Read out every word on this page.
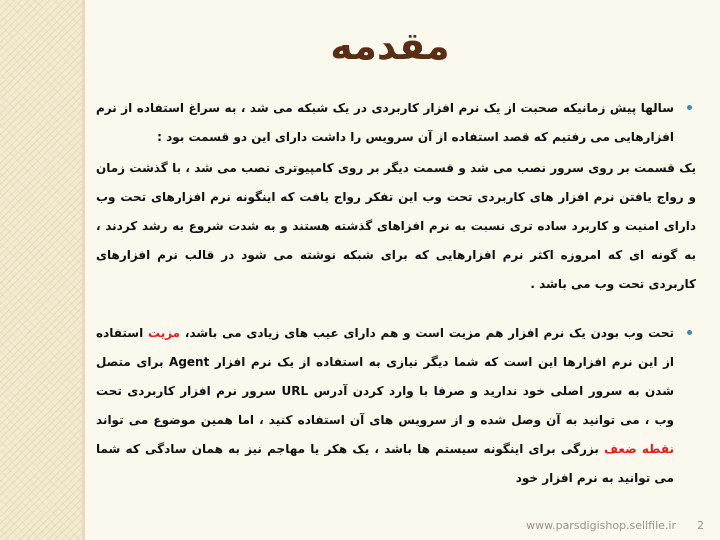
مقدمه

سالها پیش زمانیکه صحبت از یک نرم افزار کاربردی در یک شبکه می شد ، به سراغ استفاده از نرم افزارهایی می رفتیم که قصد استفاده از آن سرویس را داشت دارای این دو قسمت بود :

یک قسمت بر روی سرور نصب می شد و قسمت دیگر بر روی کامپیوتری نصب می شد ، با گذشت زمان و رواج یافتن نرم افزار های کاربردی تحت وب این تفکر رواج یافت که اینگونه نرم افزارهای تحت وب دارای امنیت و کاربرد ساده تری نسبت به نرم افزاهای گذشته هستند و به شدت شروع به رشد کردند ، به گونه ای که امروزه اکثر نرم افزارهایی که برای شبکه نوشته می شود در قالب نرم افزارهای کاربردی تحت وب می باشد .

تحت وب بودن یک نرم افزار هم مزیت است و هم دارای عیب های زیادی می باشد، مزیت استفاده از این نرم افزارها این است که شما دیگر نیازی به استفاده از یک نرم افزار Agent برای متصل شدن به سرور اصلی خود ندارید و صرفا با وارد کردن آدرس URL سرور نرم افزار کاربردی تحت وب ، می توانید به آن وصل شده و از سرویس های آن استفاده کنید ، اما همین موضوع می تواند نقطه ضعف بزرگی برای اینگونه سیستم ها باشد ، یک هکر یا مهاجم نیز به همان سادگی که شما می توانید به نرم افزار خود

www.parsdigishop.sellfile.ir 2
